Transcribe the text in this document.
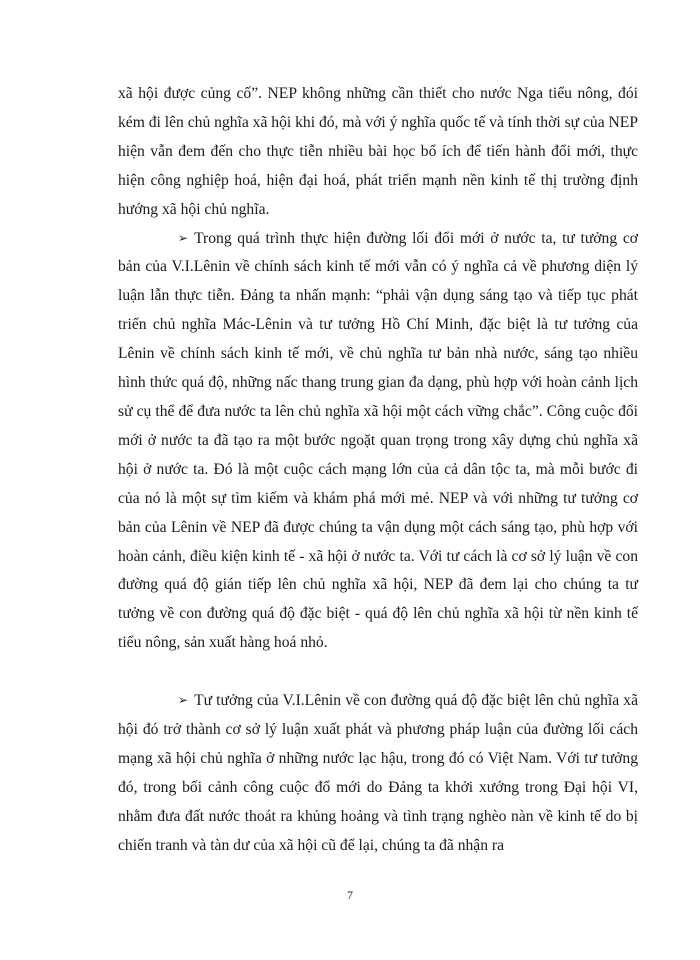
xã hội được củng cố”. NEP không những cần thiết cho nước Nga tiểu nông, đói kém đi lên chủ nghĩa xã hội khi đó, mà với ý nghĩa quốc tế và tính thời sự của NEP hiện vẫn đem đến cho thực tiễn nhiều bài học bổ ích để tiến hành đổi mới, thực hiện công nghiệp hoá, hiện đại hoá, phát triển mạnh nền kinh tế thị trường định hướng xã hội chủ nghĩa.

➢ Trong quá trình thực hiện đường lối đổi mới ở nước ta, tư tưởng cơ bản của V.I.Lênin về chính sách kinh tế mới vẫn có ý nghĩa cả về phương diện lý luận lẫn thực tiễn. Đảng ta nhấn mạnh: “phải vận dụng sáng tạo và tiếp tục phát triển chủ nghĩa Mác-Lênin và tư tưởng Hồ Chí Minh, đặc biệt là tư tưởng của Lênin về chính sách kinh tế mới, về chủ nghĩa tư bản nhà nước, sáng tạo nhiều hình thức quá độ, những nấc thang trung gian đa dạng, phù hợp với hoàn cảnh lịch sử cụ thể để đưa nước ta lên chủ nghĩa xã hội một cách vững chắc”. Công cuộc đổi mới ở nước ta đã tạo ra một bước ngoặt quan trọng trong xây dựng chủ nghĩa xã hội ở nước ta. Đó là một cuộc cách mạng lớn của cả dân tộc ta, mà mỗi bước đi của nó là một sự tìm kiếm và khám phá mới mẻ. NEP và với những tư tưởng cơ bản của Lênin về NEP đã được chúng ta vận dụng một cách sáng tạo, phù hợp với hoàn cảnh, điều kiện kinh tế - xã hội ở nước ta. Với tư cách là cơ sở lý luận về con đường quá độ gián tiếp lên chủ nghĩa xã hội, NEP đã đem lại cho chúng ta tư tưởng về con đường quá độ đặc biệt - quá độ lên chủ nghĩa xã hội từ nền kinh tế tiểu nông, sản xuất hàng hoá nhỏ.

➢ Tư tưởng của V.I.Lênin về con đường quá độ đặc biệt lên chủ nghĩa xã hội đó trở thành cơ sở lý luận xuất phát và phương pháp luận của đường lối cách mạng xã hội chủ nghĩa ở những nước lạc hậu, trong đó có Việt Nam. Với tư tưởng đó, trong bối cảnh công cuộc đổ mới do Đảng ta khởi xướng trong Đại hội VI, nhằm đưa đất nước thoát ra khủng hoảng và tình trạng nghèo nàn về kinh tế do bị chiến tranh và tàn dư của xã hội cũ để lại, chúng ta đã nhận ra

7
